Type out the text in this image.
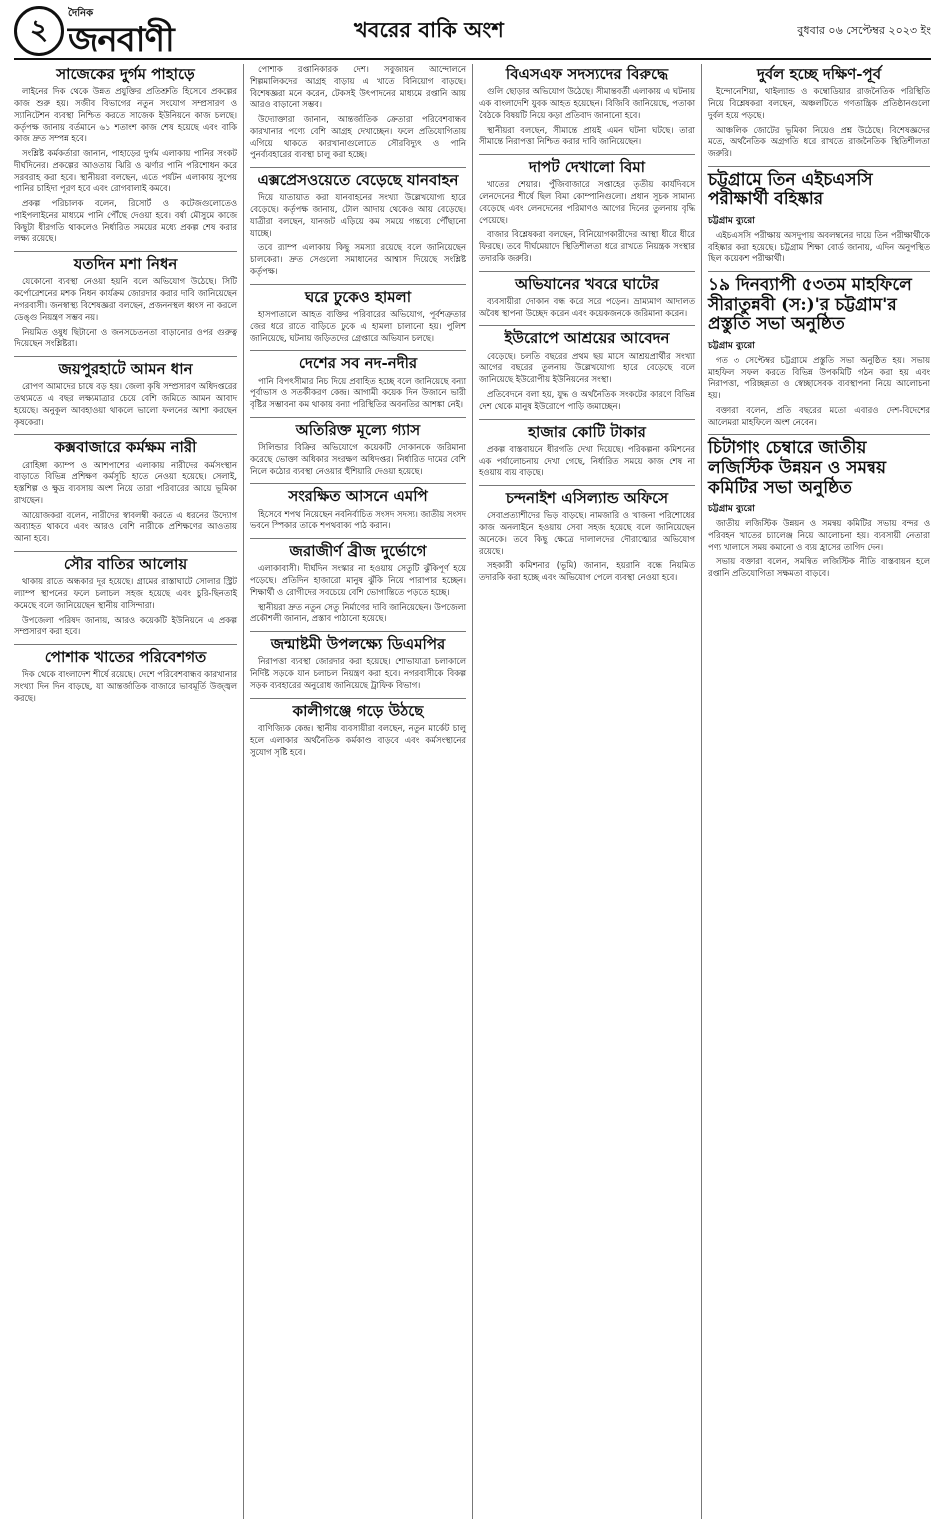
২	দৈনিক
জনবাণী	খবরের বাকি অংশ	বুধবার ০৬ সেপ্টেম্বর ২০২৩ ইং
সাজেকের দুর্গম পাহাড়ে

লাইনের দিক থেকে উন্নত প্রযুক্তির প্রতিশ্রুতি হিসেবে প্রকল্পের কাজ শুরু হয়। সজীব বিভাগের নতুন সংযোগ সম্প্রসারণ ও স্যানিটেশন ব্যবস্থা নিশ্চিত করতে সাজেক ইউনিয়নে কাজ চলছে। কর্তৃপক্ষ জানায় বর্তমানে ৬১ শতাংশ কাজ শেষ হয়েছে এবং বাকি কাজ দ্রুত সম্পন্ন হবে।

সংশ্লিষ্ট কর্মকর্তারা জানান, পাহাড়ের দুর্গম এলাকায় পানির সংকট দীর্ঘদিনের। প্রকল্পের আওতায় ঝিরি ও ঝর্ণার পানি পরিশোধন করে সরবরাহ করা হবে। স্থানীয়রা বলছেন, এতে পর্যটন এলাকায় সুপেয় পানির চাহিদা পূরণ হবে এবং রোগবালাই কমবে।

প্রকল্প পরিচালক বলেন, রিসোর্ট ও কটেজগুলোতেও পাইপলাইনের মাধ্যমে পানি পৌঁছে দেওয়া হবে। বর্ষা মৌসুমে কাজে কিছুটা ধীরগতি থাকলেও নির্ধারিত সময়ের মধ্যে প্রকল্প শেষ করার লক্ষ্য রয়েছে।

যতদিন মশা নিধন

যেকোনো ব্যবস্থা নেওয়া হয়নি বলে অভিযোগ উঠেছে। সিটি কর্পোরেশনের মশক নিধন কার্যক্রম জোরদার করার দাবি জানিয়েছেন নগরবাসী। জনস্বাস্থ্য বিশেষজ্ঞরা বলছেন, প্রজননস্থল ধ্বংস না করলে ডেঙ্গু নিয়ন্ত্রণ সম্ভব নয়।

নিয়মিত ওষুধ ছিটানো ও জনসচেতনতা বাড়ানোর ওপর গুরুত্ব দিয়েছেন সংশ্লিষ্টরা।

জয়পুরহাটে আমন ধান

রোপণ আমাদের চাষে বড় হয়। জেলা কৃষি সম্প্রসারণ অধিদপ্তরের তথ্যমতে এ বছর লক্ষ্যমাত্রার চেয়ে বেশি জমিতে আমন আবাদ হয়েছে। অনুকূল আবহাওয়া থাকলে ভালো ফলনের আশা করছেন কৃষকেরা।

কক্সবাজারে কর্মক্ষম নারী

রোহিঙ্গা ক্যাম্প ও আশপাশের এলাকায় নারীদের কর্মসংস্থান বাড়াতে বিভিন্ন প্রশিক্ষণ কর্মসূচি হাতে নেওয়া হয়েছে। সেলাই, হস্তশিল্প ও ক্ষুদ্র ব্যবসায় অংশ নিয়ে তারা পরিবারের আয়ে ভূমিকা রাখছেন।

আয়োজকরা বলেন, নারীদের স্বাবলম্বী করতে এ ধরনের উদ্যোগ অব্যাহত থাকবে এবং আরও বেশি নারীকে প্রশিক্ষণের আওতায় আনা হবে।

সৌর বাতির আলোয়

থাকায় রাতে অন্ধকার দূর হয়েছে। গ্রামের রাস্তাঘাটে সোলার স্ট্রিট ল্যাম্প স্থাপনের ফলে চলাচল সহজ হয়েছে এবং চুরি-ছিনতাই কমেছে বলে জানিয়েছেন স্থানীয় বাসিন্দারা।

উপজেলা পরিষদ জানায়, আরও কয়েকটি ইউনিয়নে এ প্রকল্প সম্প্রসারণ করা হবে।

পোশাক খাতের পরিবেশগত

দিক থেকে বাংলাদেশ শীর্ষে রয়েছে। দেশে পরিবেশবান্ধব কারখানার সংখ্যা দিন দিন বাড়ছে, যা আন্তর্জাতিক বাজারে ভাবমূর্তি উজ্জ্বল করছে।

পোশাক রপ্তানিকারক দেশ। সবুজায়ন আন্দোলনে শিল্পমালিকদের আগ্রহ বাড়ায় এ খাতে বিনিয়োগ বাড়ছে। বিশেষজ্ঞরা মনে করেন, টেকসই উৎপাদনের মাধ্যমে রপ্তানি আয় আরও বাড়ানো সম্ভব।

উদ্যোক্তারা জানান, আন্তর্জাতিক ক্রেতারা পরিবেশবান্ধব কারখানার পণ্যে বেশি আগ্রহ দেখাচ্ছেন। ফলে প্রতিযোগিতায় এগিয়ে থাকতে কারখানাগুলোতে সৌরবিদ্যুৎ ও পানি পুনর্ব্যবহারের ব্যবস্থা চালু করা হচ্ছে।

এক্সপ্রেসওয়েতে বেড়েছে যানবাহন

দিয়ে যাতায়াত করা যানবাহনের সংখ্যা উল্লেখযোগ্য হারে বেড়েছে। কর্তৃপক্ষ জানায়, টোল আদায় থেকেও আয় বেড়েছে। যাত্রীরা বলছেন, যানজট এড়িয়ে কম সময়ে গন্তব্যে পৌঁছানো যাচ্ছে।

তবে র‌্যাম্প এলাকায় কিছু সমস্যা রয়েছে বলে জানিয়েছেন চালকেরা। দ্রুত সেগুলো সমাধানের আশ্বাস দিয়েছে সংশ্লিষ্ট কর্তৃপক্ষ।

ঘরে ঢুকেও হামলা

হাসপাতালে আহত ব্যক্তির পরিবারের অভিযোগ, পূর্বশত্রুতার জের ধরে রাতে বাড়িতে ঢুকে এ হামলা চালানো হয়। পুলিশ জানিয়েছে, ঘটনায় জড়িতদের গ্রেপ্তারে অভিযান চলছে।

দেশের সব নদ-নদীর

পানি বিপৎসীমার নিচ দিয়ে প্রবাহিত হচ্ছে বলে জানিয়েছে বন্যা পূর্বাভাস ও সতর্কীকরণ কেন্দ্র। আগামী কয়েক দিন উজানে ভারী বৃষ্টির সম্ভাবনা কম থাকায় বন্যা পরিস্থিতির অবনতির আশঙ্কা নেই।

অতিরিক্ত মূল্যে গ্যাস

সিলিন্ডার বিক্রির অভিযোগে কয়েকটি দোকানকে জরিমানা করেছে ভোক্তা অধিকার সংরক্ষণ অধিদপ্তর। নির্ধারিত দামের বেশি নিলে কঠোর ব্যবস্থা নেওয়ার হুঁশিয়ারি দেওয়া হয়েছে।

সংরক্ষিত আসনে এমপি

হিসেবে শপথ নিয়েছেন নবনির্বাচিত সংসদ সদস্য। জাতীয় সংসদ ভবনে স্পিকার তাকে শপথবাক্য পাঠ করান।

জরাজীর্ণ ব্রীজ দুর্ভোগে

এলাকাবাসী। দীর্ঘদিন সংস্কার না হওয়ায় সেতুটি ঝুঁকিপূর্ণ হয়ে পড়েছে। প্রতিদিন হাজারো মানুষ ঝুঁকি নিয়ে পারাপার হচ্ছেন। শিক্ষার্থী ও রোগীদের সবচেয়ে বেশি ভোগান্তিতে পড়তে হচ্ছে।

স্থানীয়রা দ্রুত নতুন সেতু নির্মাণের দাবি জানিয়েছেন। উপজেলা প্রকৌশলী জানান, প্রস্তাব পাঠানো হয়েছে।

জন্মাষ্টমী উপলক্ষ্যে ডিএমপির

নিরাপত্তা ব্যবস্থা জোরদার করা হয়েছে। শোভাযাত্রা চলাকালে নির্দিষ্ট সড়কে যান চলাচল নিয়ন্ত্রণ করা হবে। নগরবাসীকে বিকল্প সড়ক ব্যবহারের অনুরোধ জানিয়েছে ট্রাফিক বিভাগ।

কালীগঞ্জে গড়ে উঠছে

বাণিজ্যিক কেন্দ্র। স্থানীয় ব্যবসায়ীরা বলছেন, নতুন মার্কেট চালু হলে এলাকার অর্থনৈতিক কর্মকাণ্ড বাড়বে এবং কর্মসংস্থানের সুযোগ সৃষ্টি হবে।

বিএসএফ সদস্যদের বিরুদ্ধে

গুলি ছোড়ার অভিযোগ উঠেছে। সীমান্তবর্তী এলাকায় এ ঘটনায় এক বাংলাদেশি যুবক আহত হয়েছেন। বিজিবি জানিয়েছে, পতাকা বৈঠকে বিষয়টি নিয়ে কড়া প্রতিবাদ জানানো হবে।

স্থানীয়রা বলছেন, সীমান্তে প্রায়ই এমন ঘটনা ঘটছে। তারা সীমান্তে নিরাপত্তা নিশ্চিত করার দাবি জানিয়েছেন।

দাপট দেখালো বিমা

খাতের শেয়ার। পুঁজিবাজারে সপ্তাহের তৃতীয় কার্যদিবসে লেনদেনের শীর্ষে ছিল বিমা কোম্পানিগুলো। প্রধান সূচক সামান্য বেড়েছে এবং লেনদেনের পরিমাণও আগের দিনের তুলনায় বৃদ্ধি পেয়েছে।

বাজার বিশ্লেষকরা বলছেন, বিনিয়োগকারীদের আস্থা ধীরে ধীরে ফিরছে। তবে দীর্ঘমেয়াদে স্থিতিশীলতা ধরে রাখতে নিয়ন্ত্রক সংস্থার তদারকি জরুরি।

অভিযানের খবরে ঘাটের

ব্যবসায়ীরা দোকান বন্ধ করে সরে পড়েন। ভ্রাম্যমাণ আদালত অবৈধ স্থাপনা উচ্ছেদ করেন এবং কয়েকজনকে জরিমানা করেন।

ইউরোপে আশ্রয়ের আবেদন

বেড়েছে। চলতি বছরের প্রথম ছয় মাসে আশ্রয়প্রার্থীর সংখ্যা আগের বছরের তুলনায় উল্লেখযোগ্য হারে বেড়েছে বলে জানিয়েছে ইউরোপীয় ইউনিয়নের সংস্থা।

প্রতিবেদনে বলা হয়, যুদ্ধ ও অর্থনৈতিক সংকটের কারণে বিভিন্ন দেশ থেকে মানুষ ইউরোপে পাড়ি জমাচ্ছেন।

হাজার কোটি টাকার

প্রকল্প বাস্তবায়নে ধীরগতি দেখা দিয়েছে। পরিকল্পনা কমিশনের এক পর্যালোচনায় দেখা গেছে, নির্ধারিত সময়ে কাজ শেষ না হওয়ায় ব্যয় বাড়ছে।

চন্দনাইশ এসিল্যান্ড অফিসে

সেবাপ্রত্যাশীদের ভিড় বাড়ছে। নামজারি ও খাজনা পরিশোধের কাজ অনলাইনে হওয়ায় সেবা সহজ হয়েছে বলে জানিয়েছেন অনেকে। তবে কিছু ক্ষেত্রে দালালদের দৌরাত্ম্যের অভিযোগ রয়েছে।

সহকারী কমিশনার (ভূমি) জানান, হয়রানি বন্ধে নিয়মিত তদারকি করা হচ্ছে এবং অভিযোগ পেলে ব্যবস্থা নেওয়া হবে।

দুর্বল হচ্ছে দক্ষিণ-পূর্ব

ইন্দোনেশিয়া, থাইল্যান্ড ও কম্বোডিয়ার রাজনৈতিক পরিস্থিতি নিয়ে বিশ্লেষকরা বলছেন, অঞ্চলটিতে গণতান্ত্রিক প্রতিষ্ঠানগুলো দুর্বল হয়ে পড়ছে।

আঞ্চলিক জোটের ভূমিকা নিয়েও প্রশ্ন উঠেছে। বিশেষজ্ঞদের মতে, অর্থনৈতিক অগ্রগতি ধরে রাখতে রাজনৈতিক স্থিতিশীলতা জরুরি।

চট্টগ্রামে তিন এইচএসসি পরীক্ষার্থী বহিষ্কার
চট্টগ্রাম ব্যুরো

এইচএসসি পরীক্ষায় অসদুপায় অবলম্বনের দায়ে তিন পরীক্ষার্থীকে বহিষ্কার করা হয়েছে। চট্টগ্রাম শিক্ষা বোর্ড জানায়, এদিন অনুপস্থিত ছিল কয়েকশ পরীক্ষার্থী।

১৯ দিনব্যাপী ৫৩তম মাহফিলে সীরাতুন্নবী (স:)'র চট্টগ্রাম'র প্রস্তুতি সভা অনুষ্ঠিত
চট্টগ্রাম ব্যুরো

গত ৩ সেপ্টেম্বর চট্টগ্রামে প্রস্তুতি সভা অনুষ্ঠিত হয়। সভায় মাহফিল সফল করতে বিভিন্ন উপকমিটি গঠন করা হয় এবং নিরাপত্তা, পরিচ্ছন্নতা ও স্বেচ্ছাসেবক ব্যবস্থাপনা নিয়ে আলোচনা হয়।

বক্তারা বলেন, প্রতি বছরের মতো এবারও দেশ-বিদেশের আলেমরা মাহফিলে অংশ নেবেন।

চিটাগাং চেম্বারে জাতীয় লজিস্টিক উন্নয়ন ও সমন্বয় কমিটির সভা অনুষ্ঠিত
চট্টগ্রাম ব্যুরো

জাতীয় লজিস্টিক উন্নয়ন ও সমন্বয় কমিটির সভায় বন্দর ও পরিবহন খাতের চ্যালেঞ্জ নিয়ে আলোচনা হয়। ব্যবসায়ী নেতারা পণ্য খালাসে সময় কমানো ও ব্যয় হ্রাসের তাগিদ দেন।

সভায় বক্তারা বলেন, সমন্বিত লজিস্টিক নীতি বাস্তবায়ন হলে রপ্তানি প্রতিযোগিতা সক্ষমতা বাড়বে।
